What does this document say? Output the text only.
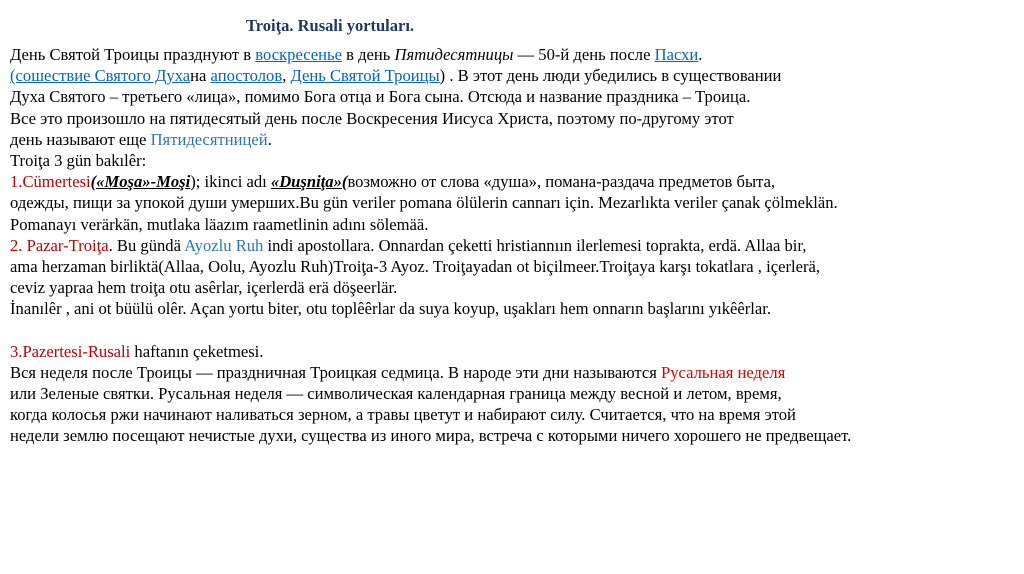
Troiţa. Rusali yortuları.
День Святой Троицы празднуют в воскресенье в день Пятидесятницы — 50-й день после Пасхи.
(сошествие Святого Духана апостолов, День Святой Троицы) . В этот день люди убедились в существовании
Духа Святого – третьего «лица», помимо Бога отца и Бога сына. Отсюда и название праздника – Троица.
Все это произошло на пятидесятый день после Воскресения Иисуса Христа, поэтому по-другому этот
день называют еще Пятидесятницей.
Troiţa 3 gün bakılêr:
1.Cümertesi(«Moşa»-Moşi); ikinci adı «Duşniţa»(возможно от слова «душа», помана-раздача предметов быта,
одежды, пищи за упокой души умерших.Bu gün veriler pomana ölülerin cannarı için. Mezarlıkta veriler çanak çölmeklän.
Pomanayı verärkän, mutlaka läazım raametlinin adını sölemää.
2. Pazar-Troiţa. Bu gündä Ayozlu Ruh indi apostollara. Onnardan çeketti hristiannıın ilerlemesi toprakta, erdä. Allaa bir,
ama herzaman birliktä(Allaa, Oolu, Ayozlu Ruh)Troiţa-3 Ayoz. Troiţayadan ot biçilmeer.Troiţaya karşı tokatlara , içerlerä,
ceviz yapraa hem troiţa otu asêrlar, içerlerdä erä döşeerlär.
İnanılêr , ani ot büülü olêr. Açan yortu biter, otu toplêêrlar da suya koyup, uşakları hem onnarın başlarını yıkêêrlar.
3.Pazertesi-Rusali haftanın çeketmesi.
Вся неделя после Троицы — праздничная Троицкая седмица. В народе эти дни называются Русальная неделя
или Зеленые святки. Русальная неделя — символическая календарная граница между весной и летом, время,
когда колосья ржи начинают наливаться зерном, а травы цветут и набирают силу. Считается, что на время этой
недели землю посещают нечистые духи, существа из иного мира, встреча с которыми ничего хорошего не предвещает.
